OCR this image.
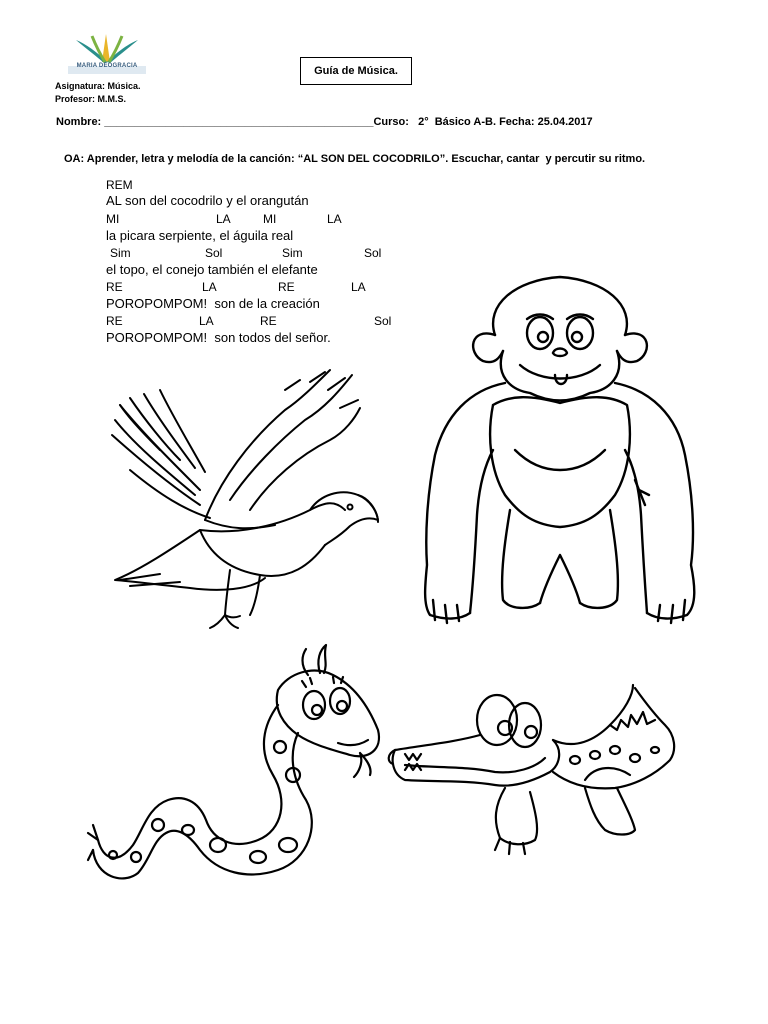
MARIA DEOGRACIA	Guía de Música.
Asignatura: Música.
Profesor: M.M.S.
Nombre: ____________________________________________Curso:   2°  Básico A-B. Fecha: 25.04.2017
OA: Aprender, letra y melodía de la canción: “AL SON DEL COCODRILO”. Escuchar, cantar  y percutir su ritmo.
REM
AL son del cocodrilo y el orangután
MI	LA	MI	LA
la picara serpiente, el águila real
Sim	Sol	Sim	Sol
el topo, el conejo también el elefante
RE	LA	RE	LA
POROPOMPOM!  son de la creación
RE	LA	RE	Sol
POROPOMPOM!  son todos del señor.
